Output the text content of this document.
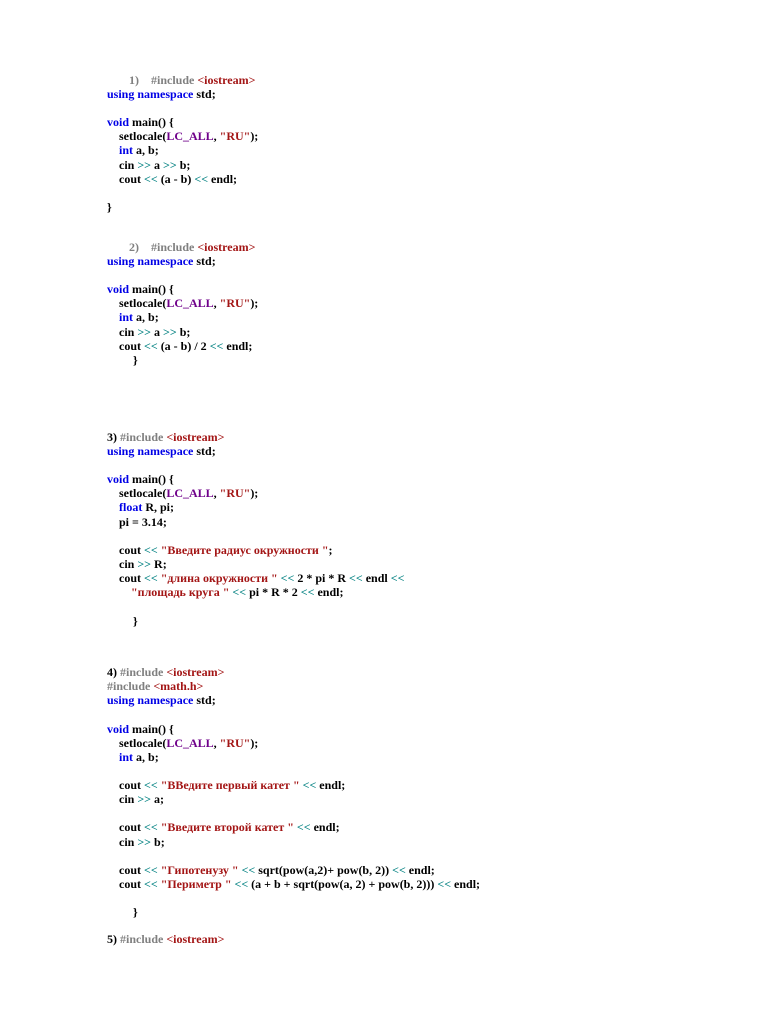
1)    #include <iostream>
using namespace std;
void main() {
setlocale(LC_ALL, "RU");
int a, b;
cin >> a >> b;
cout << (a - b) << endl;
}
2)    #include <iostream>
using namespace std;
void main() {
setlocale(LC_ALL, "RU");
int a, b;
cin >> a >> b;
cout << (a - b) / 2 << endl;
}
3) #include <iostream>
using namespace std;
void main() {
setlocale(LC_ALL, "RU");
float R, pi;
pi = 3.14;
cout << "Введите радиус окружности ";
cin >> R;
cout << "длина окружности " << 2 * pi * R << endl <<
"площадь круга " << pi * R * 2 << endl;
}
4) #include <iostream>
#include <math.h>
using namespace std;
void main() {
setlocale(LC_ALL, "RU");
int a, b;
cout << "ВВедите первый катет " << endl;
cin >> a;
cout << "Введите второй катет " << endl;
cin >> b;
cout << "Гипотенузу " << sqrt(pow(a,2)+ pow(b, 2)) << endl;
cout << "Периметр " << (a + b + sqrt(pow(a, 2) + pow(b, 2))) << endl;
}
5) #include <iostream>
